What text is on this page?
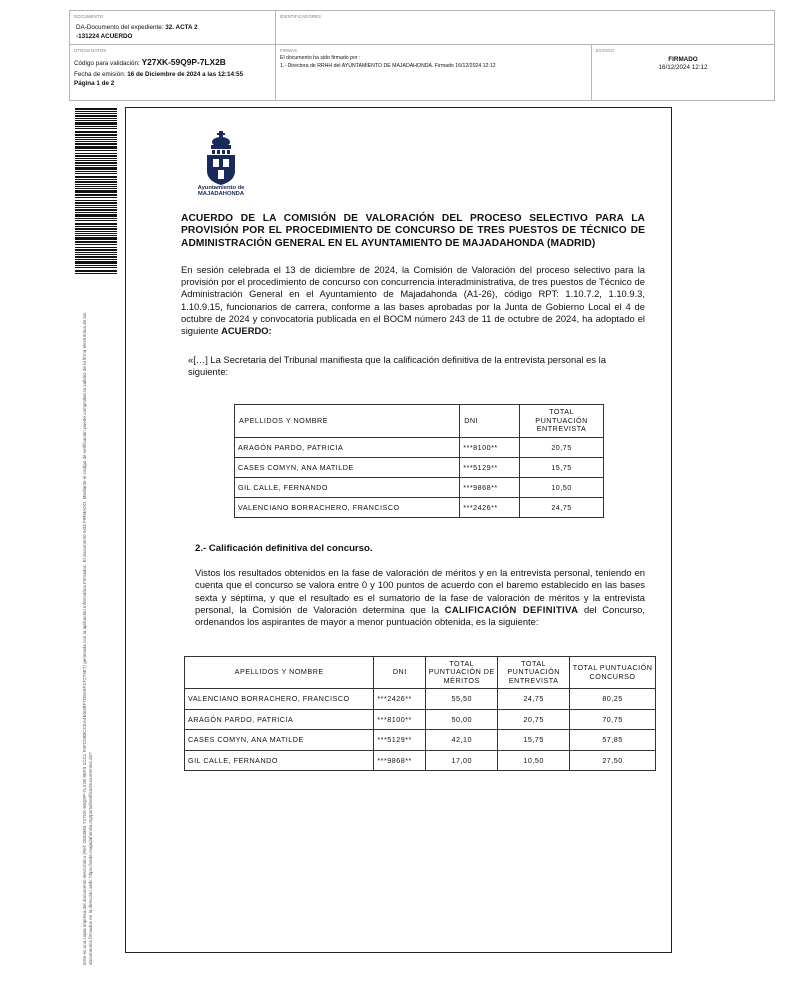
DOCUMENTO
DA-Documento del expediente: 32. ACTA 2
-131224 ACUERDO
IDENTIFICADORES
OTROS DATOS
Código para validación: Y27XK-59Q9P-7LX2B
Fecha de emisión: 16 de Diciembre de 2024 a las 12:14:55
Página 1 de 2
FIRMAS
El documento ha sido firmado por :
1.- Directora de RRHH del AYUNTAMIENTO DE MAJADAHONDA. Firmado 16/12/2024 12:12
ESTADO
FIRMADO
16/12/2024 12:12
Este es una copia impresa del documento electrónico (Ref: 2843963 Y27XK-59Q9P-7LX2B 8EF3 1CC1 F4FC09BCCEA4E5DBF7D8A5F47C74E7) generada con la aplicación informática Firmadoc. El documento está FIRMADO. Mediante el código de verificación puede comprobar la validez de la firma electrónica de los documentos firmados en la dirección web: https://sede.majadahonda.org/portal/verificarDocumentos.do?
Ayuntamiento de
MAJADAHONDA
ACUERDO DE LA COMISIÓN DE VALORACIÓN DEL PROCESO SELECTIVO PARA LA PROVISIÓN POR EL PROCEDIMIENTO DE CONCURSO DE TRES PUESTOS DE TÉCNICO DE ADMINISTRACIÓN GENERAL EN EL AYUNTAMIENTO DE MAJADAHONDA (MADRID)
En sesión celebrada el 13 de diciembre de 2024, la Comisión de Valoración del proceso selectivo para la provisión por el procedimiento de concurso con concurrencia interadministrativa, de tres puestos de Técnico de Administración General en el Ayuntamiento de Majadahonda (A1-26), código RPT: 1.10.7.2, 1.10.9.3, 1.10.9.15, funcionarios de carrera, conforme a las bases aprobadas por la Junta de Gobierno Local el 4 de octubre de 2024 y convocatoria publicada en el BOCM número 243 de 11 de octubre de 2024, ha adoptado el siguiente ACUERDO:
«[…] La Secretaria del Tribunal manifiesta que la calificación definitiva de la entrevista personal es la siguiente:
APELLIDOS Y NOMBRE	DNI	TOTAL PUNTUACIÓN ENTREVISTA
ARAGÓN PARDO, PATRICIA	***8100**	20,75
CASES COMYN, ANA MATILDE	***5129**	15,75
GIL CALLE, FERNANDO	***9868**	10,50
VALENCIANO BORRACHERO, FRANCISCO	***2426**	24,75
2.- Calificación definitiva del concurso.
Vistos los resultados obtenidos en la fase de valoración de méritos y en la entrevista personal, teniendo en cuenta que el concurso se valora entre 0 y 100 puntos de acuerdo con el baremo establecido en las bases sexta y séptima, y que el resultado es el sumatorio de la fase de valoración de méritos y la entrevista personal, la Comisión de Valoración determina que la CALIFICACIÓN DEFINITIVA del Concurso, ordenandos los aspirantes de mayor a menor puntuación obtenida, es la siguiente:
APELLIDOS Y NOMBRE	DNI	TOTAL PUNTUACIÓN DE MÉRITOS	TOTAL PUNTUACIÓN ENTREVISTA	TOTAL PUNTUACIÓN CONCURSO
VALENCIANO BORRACHERO, FRANCISCO	***2426**	55,50	24,75	80,25
ARAGÓN PARDO, PATRICIA	***8100**	50,00	20,75	70,75
CASES COMYN, ANA MATILDE	***5129**	42,10	15,75	57,85
GIL CALLE, FERNANDO	***9868**	17,00	10,50	27,50
